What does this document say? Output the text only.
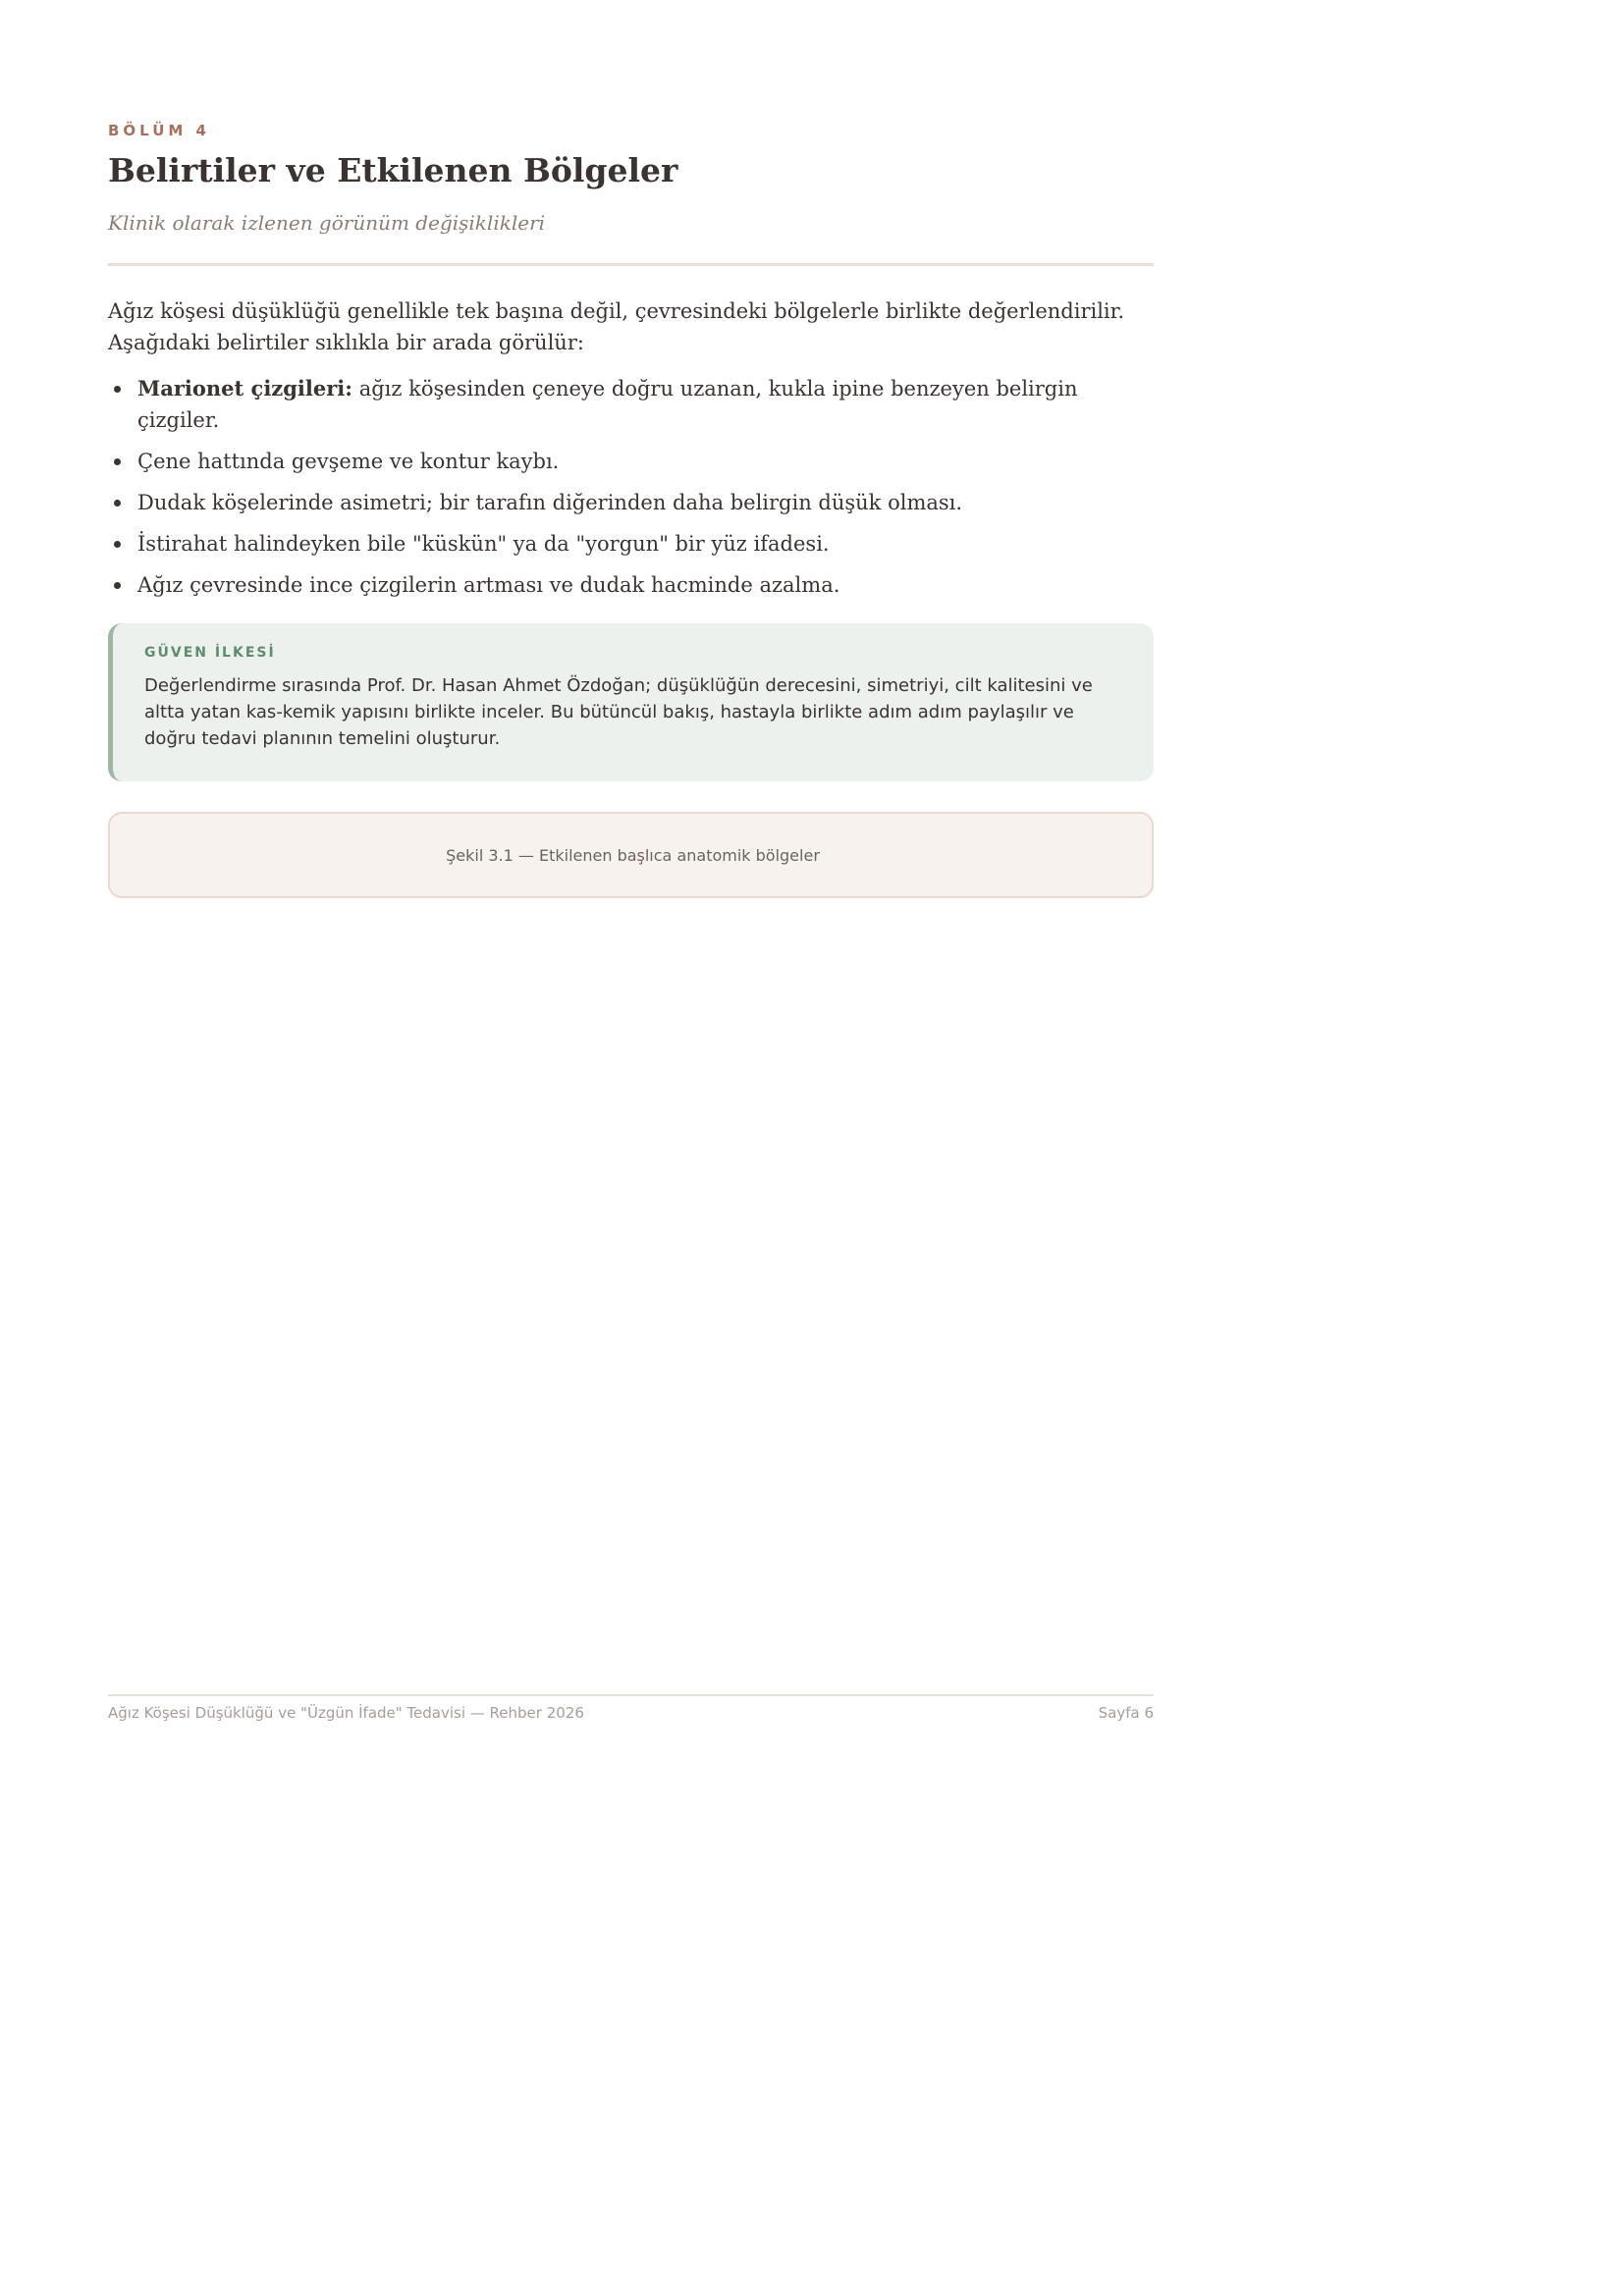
BÖLÜM 4
Belirtiler ve Etkilenen Bölgeler
Klinik olarak izlenen görünüm değişiklikleri

Ağız köşesi düşüklüğü genellikle tek başına değil, çevresindeki bölgelerle birlikte değerlendirilir. Aşağıdaki belirtiler sıklıkla bir arada görülür:

Marionet çizgileri: ağız köşesinden çeneye doğru uzanan, kukla ipine benzeyen belirgin çizgiler.
Çene hattında gevşeme ve kontur kaybı.
Dudak köşelerinde asimetri; bir tarafın diğerinden daha belirgin düşük olması.
İstirahat halindeyken bile "küskün" ya da "yorgun" bir yüz ifadesi.
Ağız çevresinde ince çizgilerin artması ve dudak hacminde azalma.
GÜVEN İLKESİ
Değerlendirme sırasında Prof. Dr. Hasan Ahmet Özdoğan; düşüklüğün derecesini, simetriyi, cilt kalitesini ve altta yatan kas-kemik yapısını birlikte inceler. Bu bütüncül bakış, hastayla birlikte adım adım paylaşılır ve doğru tedavi planının temelini oluşturur.
Şekil 3.1 — Etkilenen başlıca anatomik bölgeler
Ağız Köşesi Düşüklüğü ve "Üzgün İfade" Tedavisi — Rehber 2026	Sayfa 6
